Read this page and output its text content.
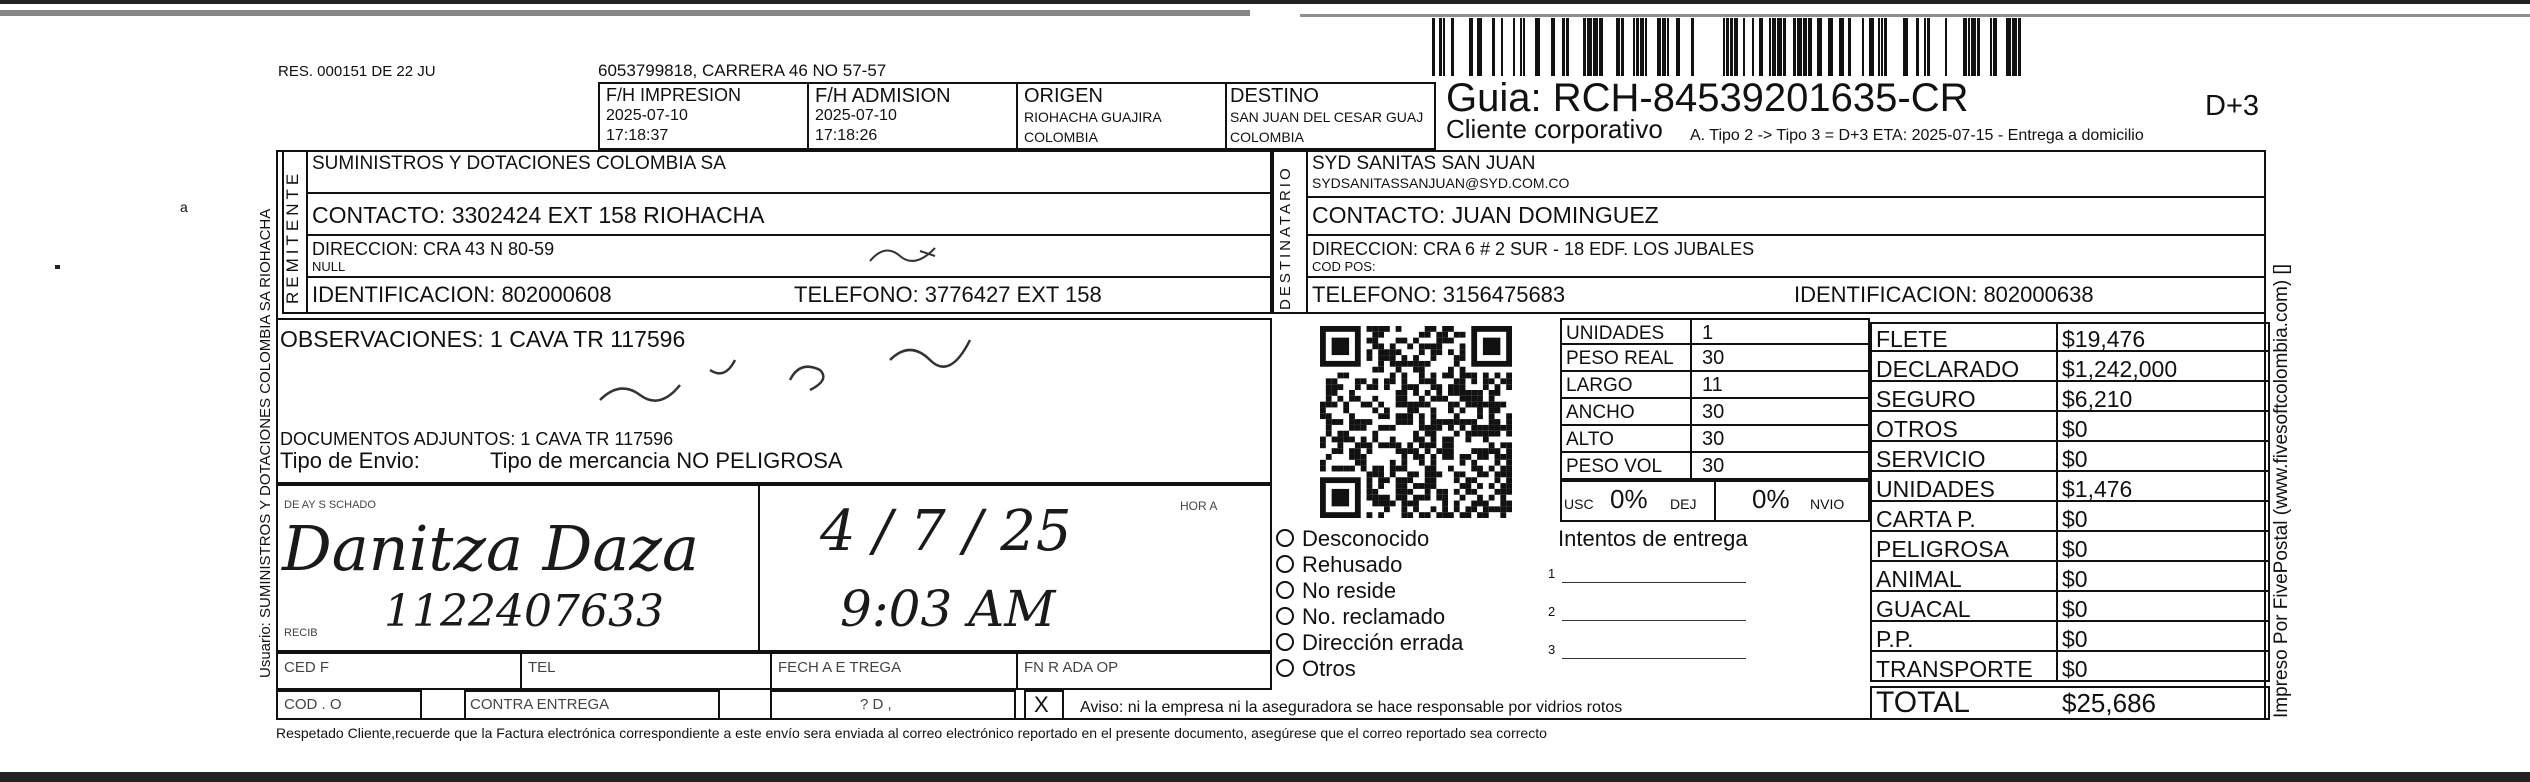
RES. 000151 DE 22 JU	6053799818, CARRERA 46 NO 57-57
F/H IMPRESION
2025-07-10
17:18:37
F/H ADMISION
2025-07-10
17:18:26
ORIGEN
RIOHACHA GUAJIRA
COLOMBIA
DESTINO
SAN JUAN DEL CESAR GUAJ
COLOMBIA
Guia: RCH-84539201635-CR
Cliente corporativo
D+3
A. Tipo 2 -> Tipo 3 = D+3 ETA: 2025-07-15 - Entrega a domicilio
Usuario: SUMINISTROS Y DOTACIONES COLOMBIA SA RIOHACHA	Impreso Por FivePostal (www.fivesoftcolombia.com) []
REMITENTE
SUMINISTROS Y DOTACIONES COLOMBIA SA
CONTACTO: 3302424 EXT 158 RIOHACHA
DIRECCION: CRA 43 N 80-59
NULL
IDENTIFICACION: 802000608	TELEFONO: 3776427 EXT 158	DESTINATARIO
SYD SANITAS SAN JUAN
SYDSANITASSANJUAN@SYD.COM.CO
CONTACTO: JUAN DOMINGUEZ
DIRECCION: CRA 6 # 2 SUR - 18 EDF. LOS JUBALES
COD POS:
TELEFONO: 3156475683	IDENTIFICACION: 802000638
OBSERVACIONES: 1 CAVA TR 117596
DOCUMENTOS ADJUNTOS: 1 CAVA TR 117596
Tipo de Envio:	Tipo de mercancia NO PELIGROSA
DE AY S SCHADO
Danitza Daza
RECIB 1122407633
4 / 7 / 25	HOR A
9:03 AM
CED F	TEL	FECH A E TREGA	FN R ADA OP
COD . O	CONTRA ENTREGA	? D ,	X Aviso: ni la empresa ni la aseguradora se hace responsable por vidrios rotos
UNIDADES 1
PESO REAL 30
LARGO	11
ANCHO	30
ALTO	30
PESO VOL 30
USC 0% DEJ 0% NVIO
Desconocido
Rehusado
No reside
No. reclamado
Dirección errada
Otros
Intentos de entrega
1
2
3
FLETE	$19,476
DECLARADO $1,242,000
SEGURO	$6,210
OTROS	$0
SERVICIO	$0
UNIDADES	$1,476
CARTA P.	$0
PELIGROSA $0
ANIMAL	$0
GUACAL	$0
P.P.	$0
TRANSPORTE $0
TOTAL	$25,686
Respetado Cliente,recuerde que la Factura electrónica correspondiente a este envío sera enviada al correo electrónico reportado en el presente documento, asegúrese que el correo reportado sea correcto
a
